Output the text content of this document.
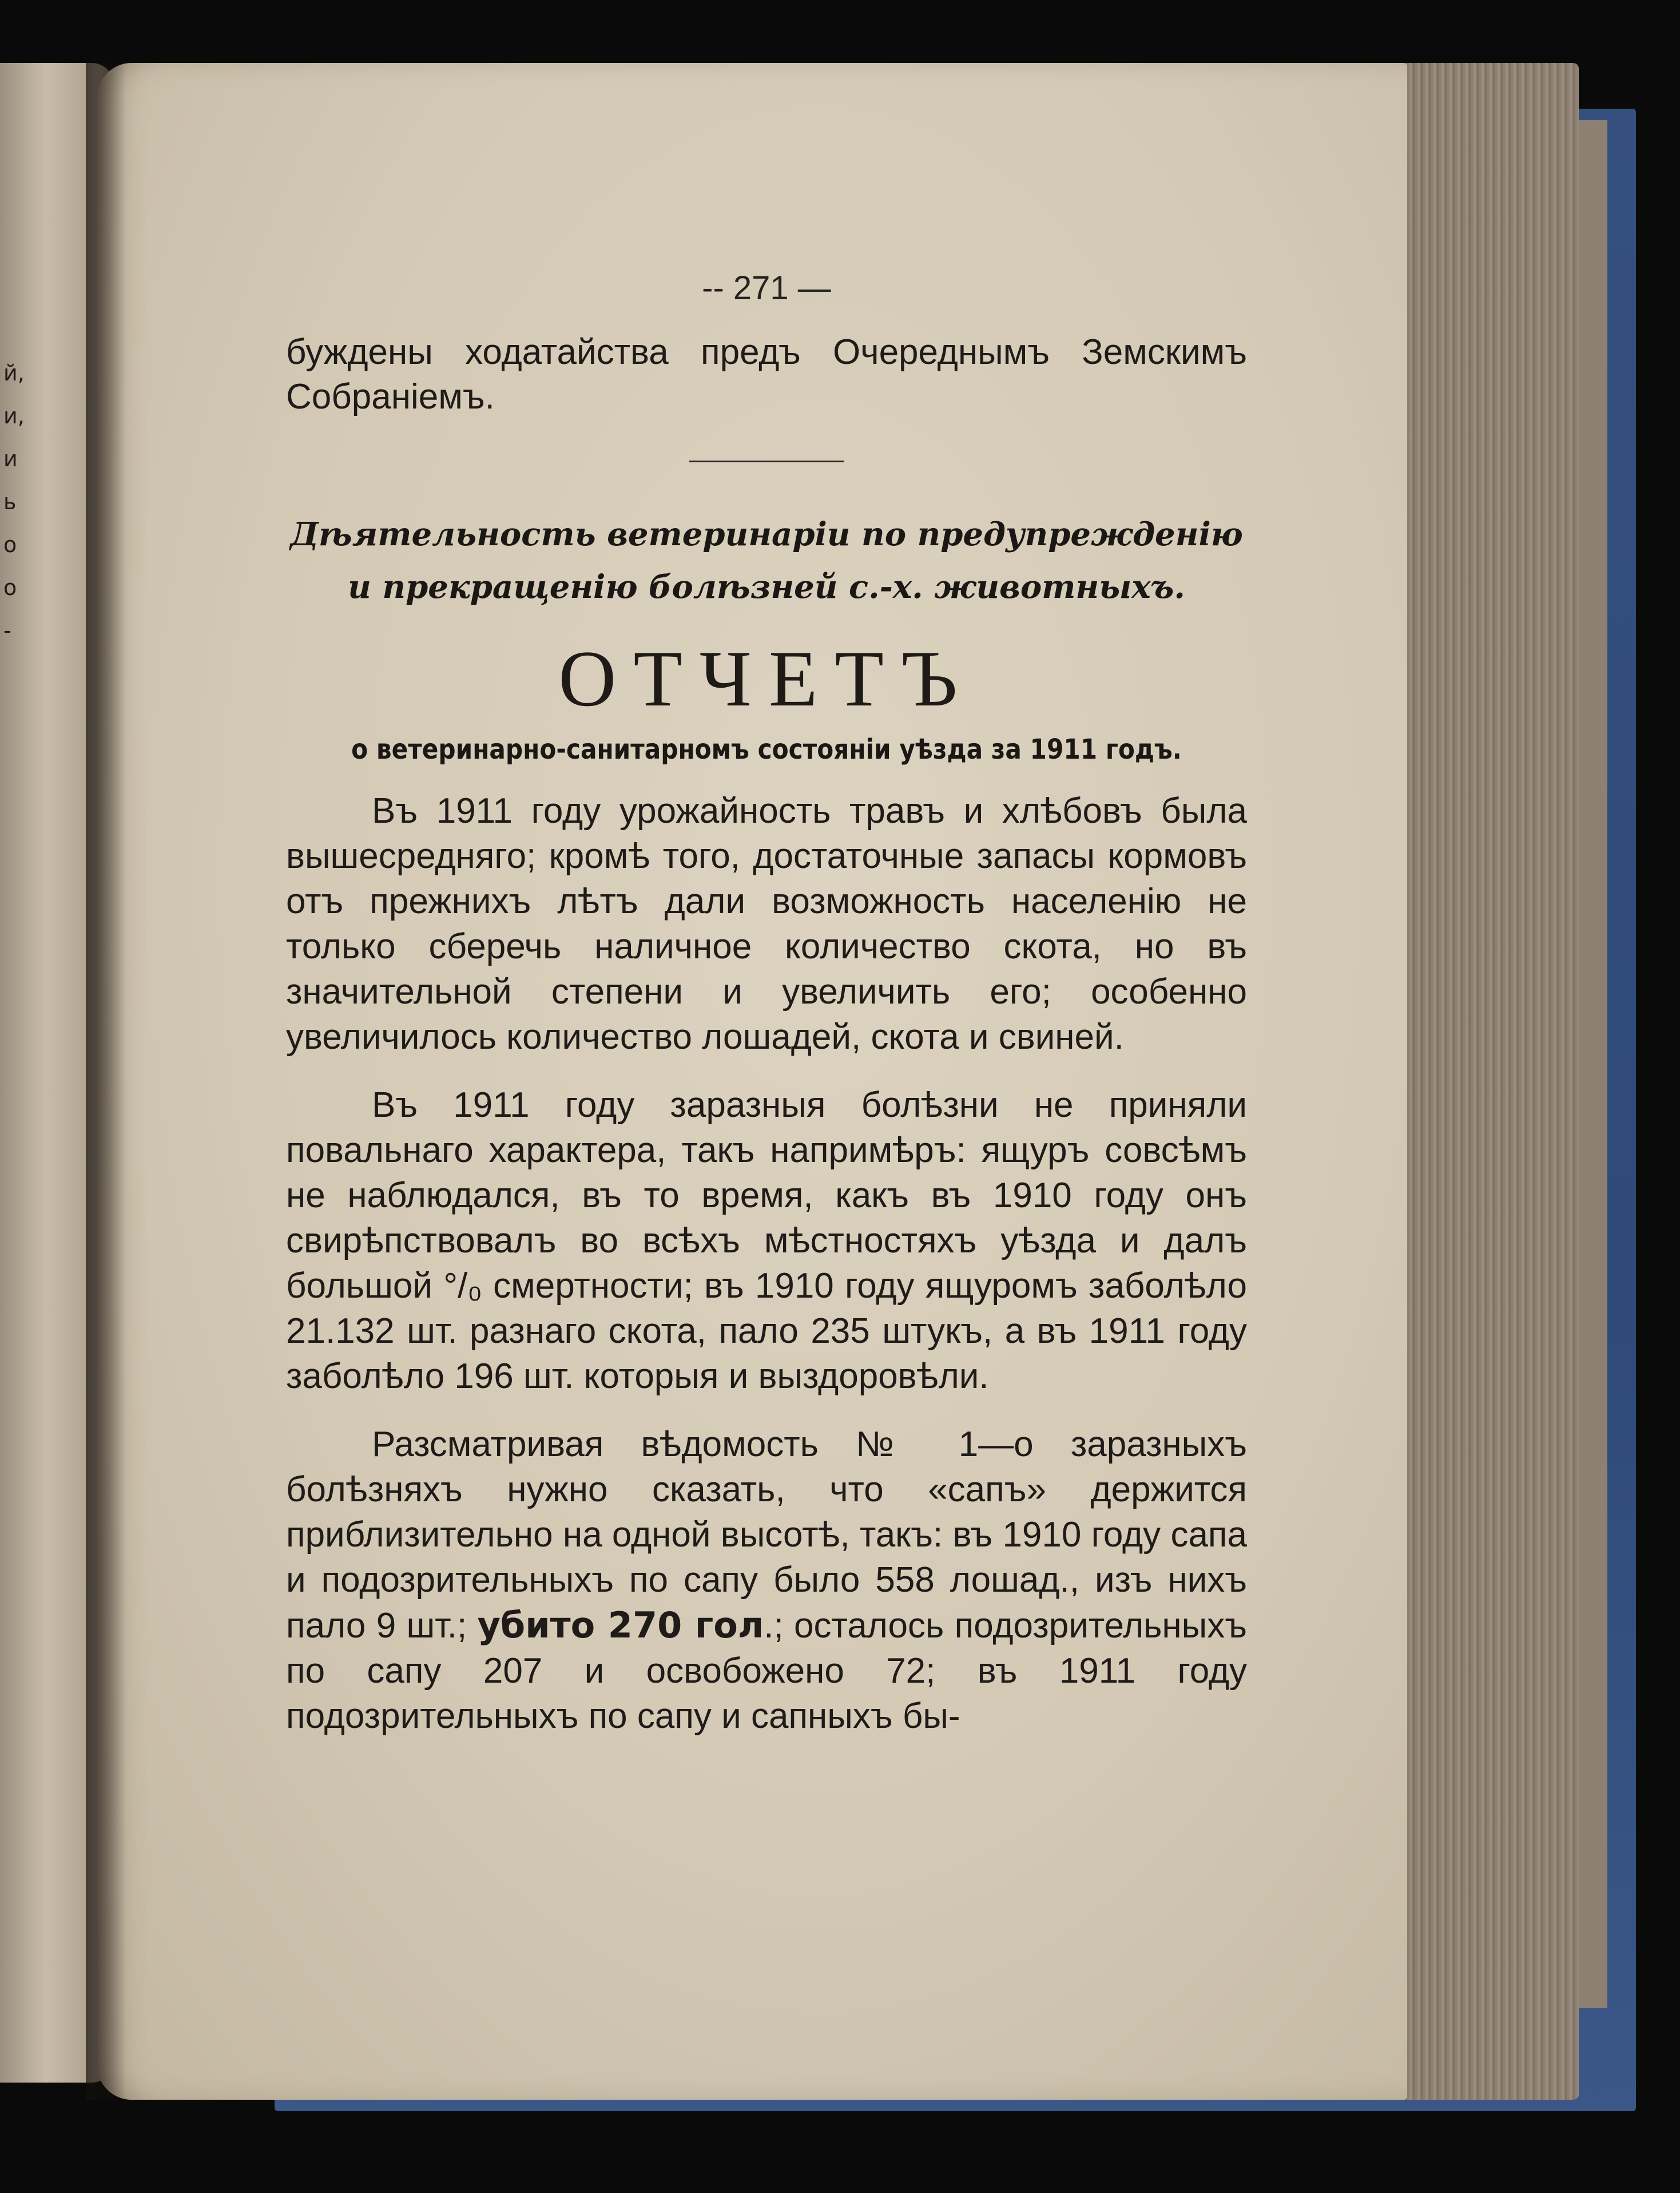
й,
и,
и
ь
о
о
-
-- 271 —

буждены ходатайства предъ Очереднымъ Земскимъ Собраніемъ.

Дѣятельность ветеринаріи по предупрежденію и прекращенію болѣзней с.-х. животныхъ.

ОТЧЕТЪ
о ветеринарно-санитарномъ состояніи уѣзда за 1911 годъ.

Въ 1911 году урожайность травъ и хлѣбовъ была вышесредняго; кромѣ того, достаточные запасы кормовъ отъ прежнихъ лѣтъ дали возможность населенію не только сберечь наличное количество скота, но въ значительной степени и увеличить его; особенно увеличилось количество лошадей, скота и свиней.

Въ 1911 году заразныя болѣзни не приняли повальнаго характера, такъ напримѣръ: ящуръ совсѣмъ не наблюдался, въ то время, какъ въ 1910 году онъ свирѣпствовалъ во всѣхъ мѣстностяхъ уѣзда и далъ большой °/₀ смертности; въ 1910 году ящуромъ заболѣло 21.132 шт. разнаго скота, пало 235 штукъ, а въ 1911 году заболѣло 196 шт. которыя и выздоровѣли.

Разсматривая вѣдомость № 1—о заразныхъ болѣзняхъ нужно сказать, что «сапъ» держится приблизительно на одной высотѣ, такъ: въ 1910 году сапа и подозрительныхъ по сапу было 558 лошад., изъ нихъ пало 9 шт.; убито 270 гол.; осталось подозрительныхъ по сапу 207 и освобожено 72; въ 1911 году подозрительныхъ по сапу и сапныхъ бы-
